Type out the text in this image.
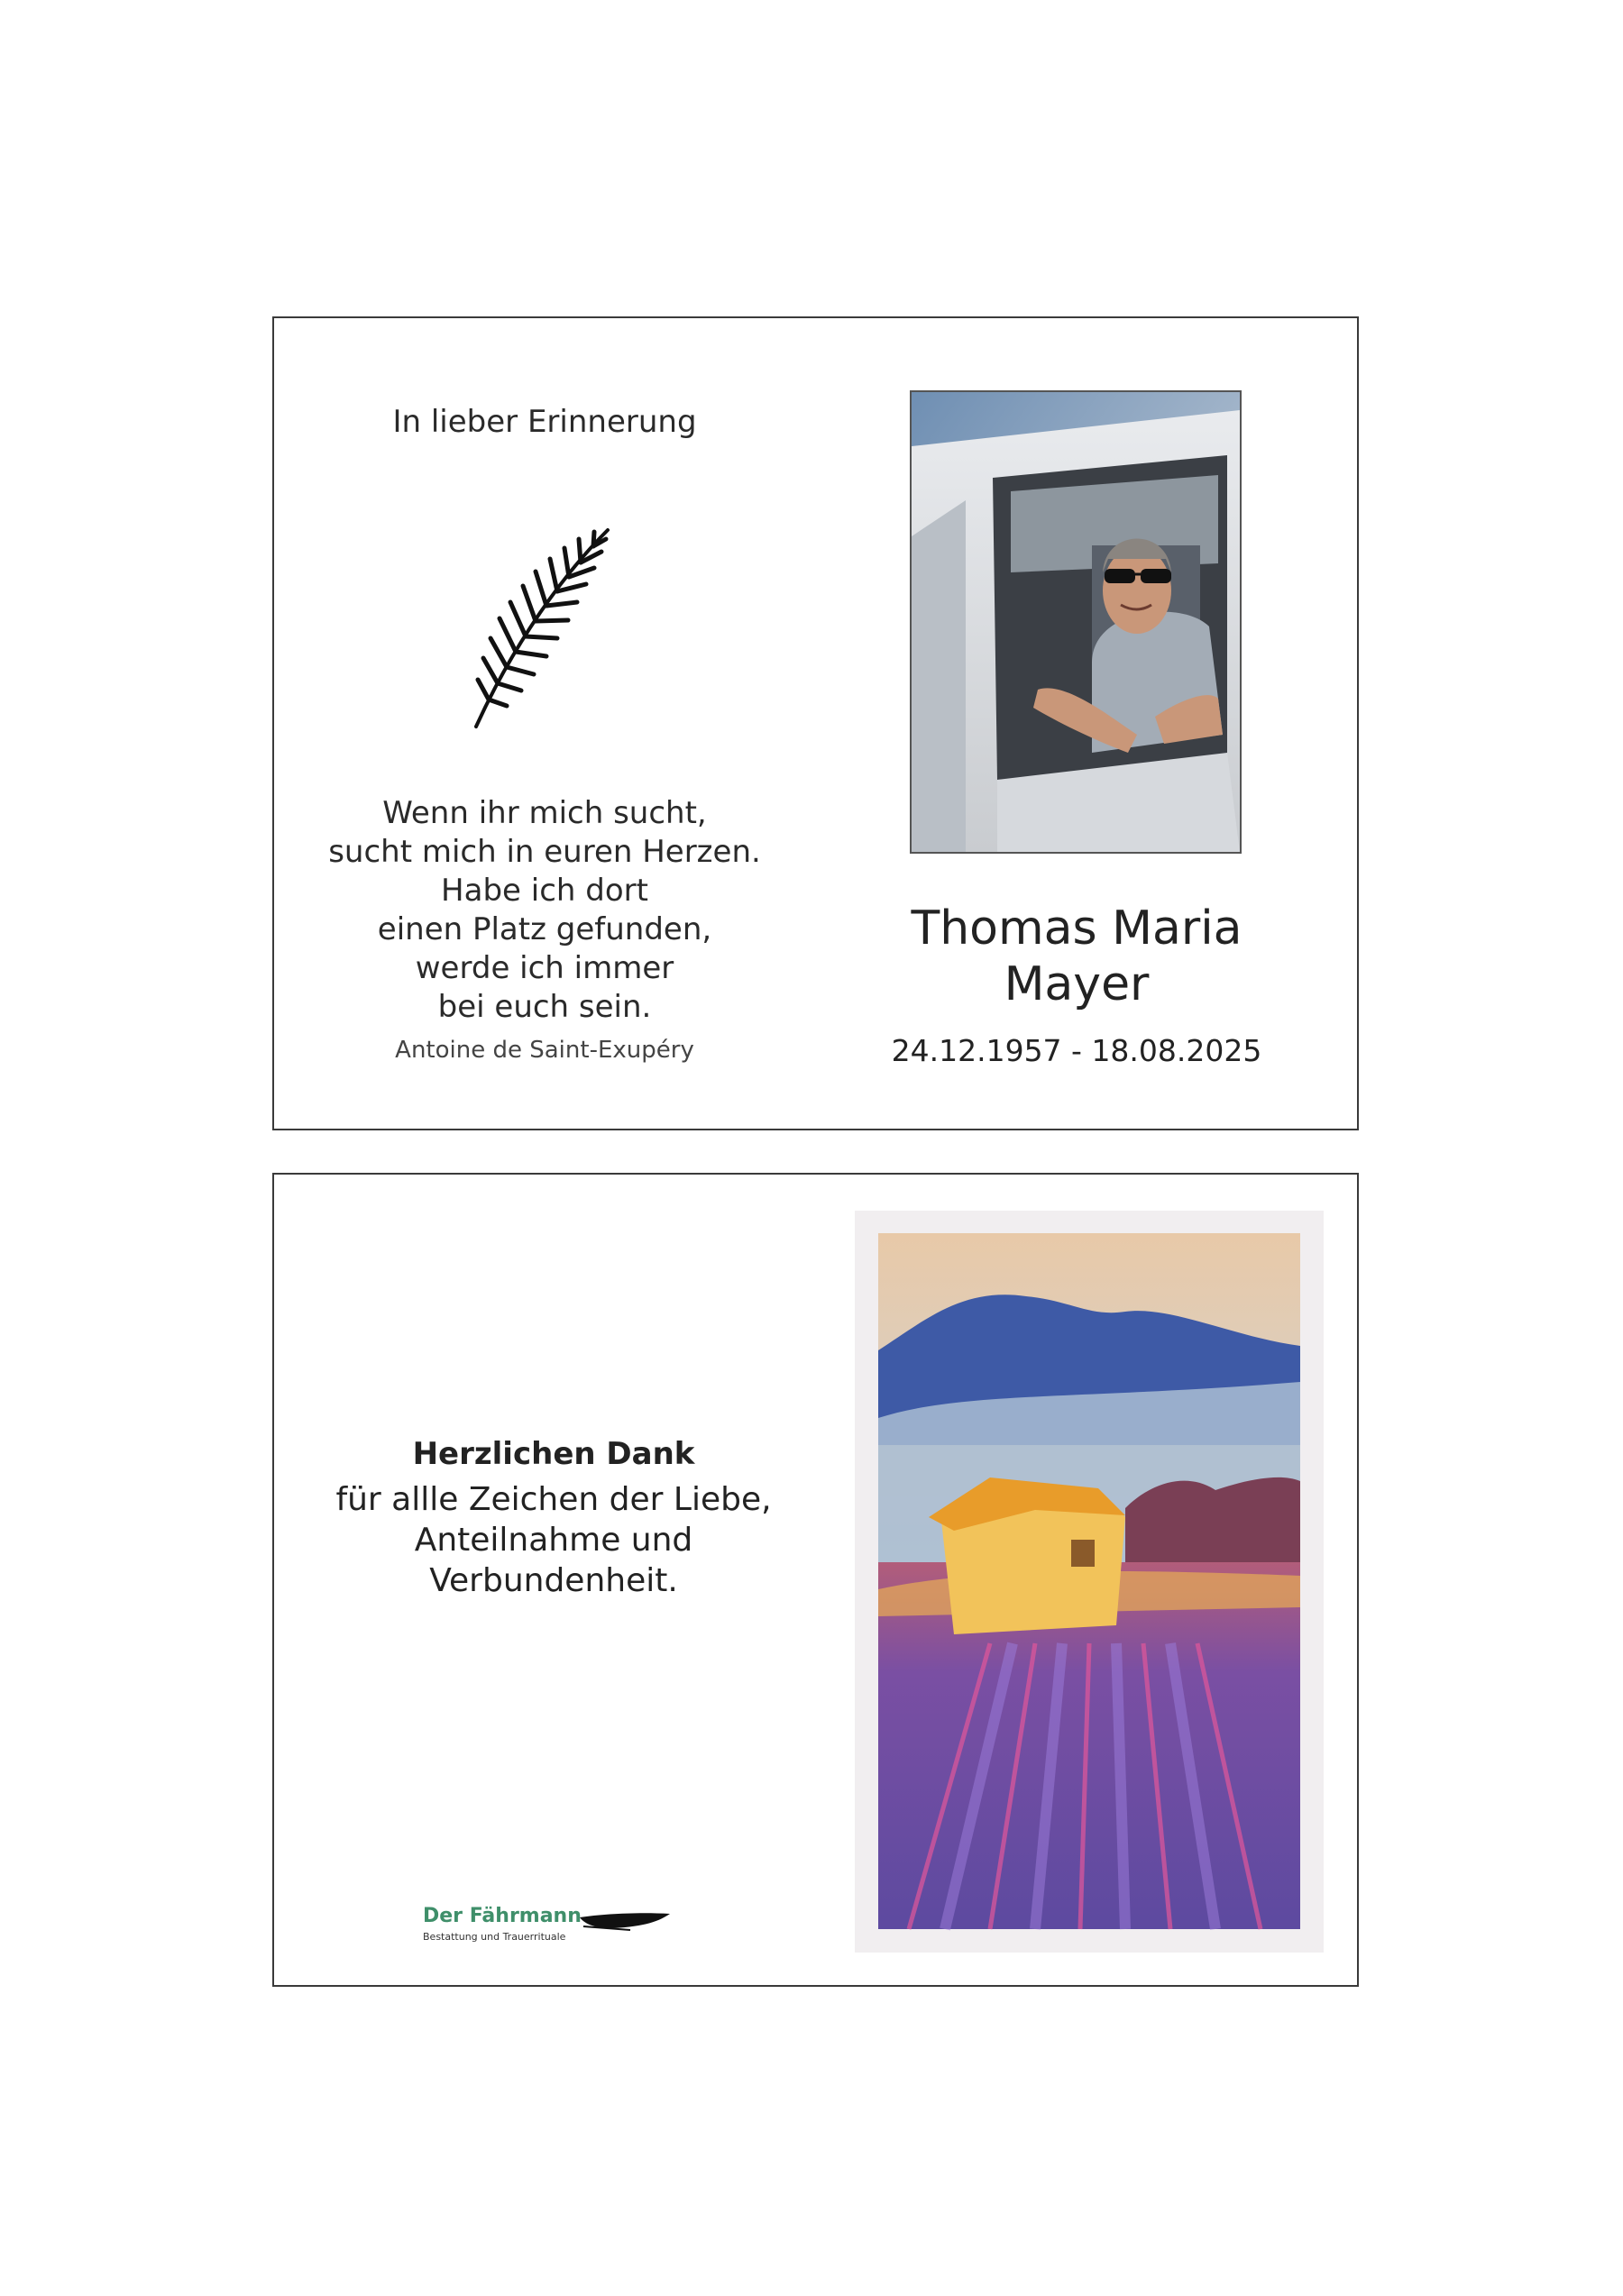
In lieber Erinnerung
Wenn ihr mich sucht,
sucht mich in euren Herzen.
Habe ich dort
einen Platz gefunden,
werde ich immer
bei euch sein.
Antoine de Saint-Exupéry
Thomas Maria
Mayer
24.12.1957 - 18.08.2025
Herzlichen Dank
für allle Zeichen der Liebe,
Anteilnahme und
Verbundenheit.
Der Fährmann
Bestattung und Trauerrituale
